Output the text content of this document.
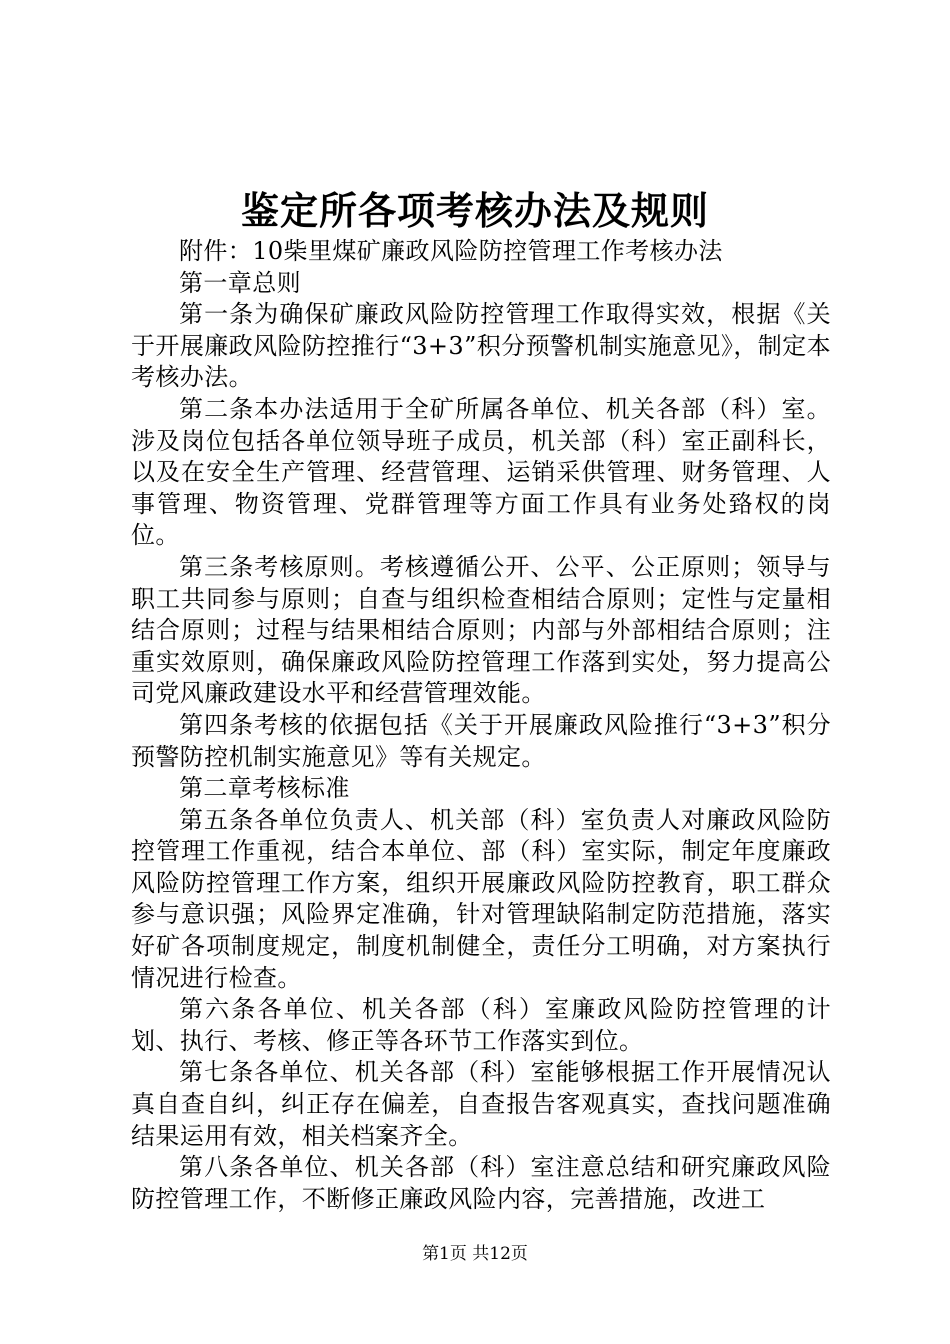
鉴定所各项考核办法及规则

附件：10柴里煤矿廉政风险防控管理工作考核办法

第一章总则

第一条为确保矿廉政风险防控管理工作取得实效，根据《关于开展廉政风险防控推行“3+3”积分预警机制实施意见》，制定本考核办法。

第二条本办法适用于全矿所属各单位、机关各部（科）室。涉及岗位包括各单位领导班子成员，机关部（科）室正副科长，以及在安全生产管理、经营管理、运销采供管理、财务管理、人事管理、物资管理、党群管理等方面工作具有业务处臵权的岗位。

第三条考核原则。考核遵循公开、公平、公正原则；领导与职工共同参与原则；自查与组织检查相结合原则；定性与定量相结合原则；过程与结果相结合原则；内部与外部相结合原则；注重实效原则，确保廉政风险防控管理工作落到实处，努力提高公司党风廉政建设水平和经营管理效能。

第四条考核的依据包括《关于开展廉政风险推行“3+3”积分预警防控机制实施意见》等有关规定。

第二章考核标准

第五条各单位负责人、机关部（科）室负责人对廉政风险防控管理工作重视，结合本单位、部（科）室实际，制定年度廉政风险防控管理工作方案，组织开展廉政风险防控教育，职工群众参与意识强；风险界定准确，针对管理缺陷制定防范措施，落实好矿各项制度规定，制度机制健全，责任分工明确，对方案执行情况进行检查。

第六条各单位、机关各部（科）室廉政风险防控管理的计划、执行、考核、修正等各环节工作落实到位。

第七条各单位、机关各部（科）室能够根据工作开展情况认真自查自纠，纠正存在偏差，自查报告客观真实，查找问题准确结果运用有效，相关档案齐全。

第八条各单位、机关各部（科）室注意总结和研究廉政风险防控管理工作，不断修正廉政风险内容，完善措施，改进工

第1页 共12页
